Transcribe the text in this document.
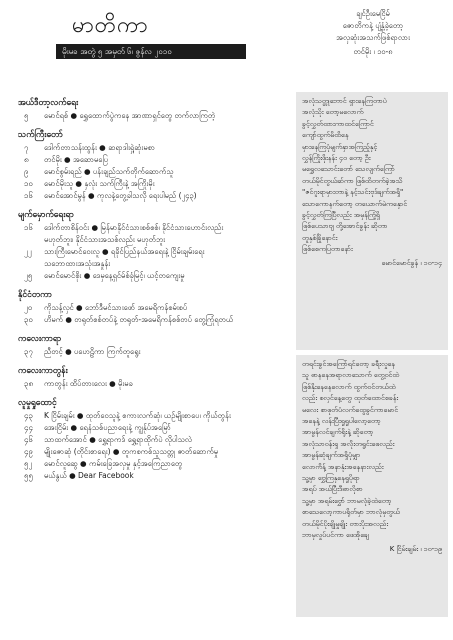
မာတိကာ
မိုးမခ အတွဲ ၅ အမှတ် ၆၊ ဇွန်လ ၂၀၁၀
ချင်ဦးမေငြိမ်
ဇောတိကနဲ့ ပျံ့နှံ့ခဲ့တော့
အလှဆုံးအသက်ဖြစ်ရာလား
တင်မိုး ၊ ၁၀-၈
အယ်ဒီတာ့လက်ရေး
၅	မောင်ရစ် ● ရွှေထောက်ပွဲကနေ အာဏာရှင်တွေ တက်လာကြတဲ့
သက်ကြီးတော်
၇	ဒေါက်တာသန်းထွန်း ● ဆရာဒါးရှဲ့ဆုံးမစာ
၈	တင်မိုး ● အဆောမပြေ
၉	မောင်စွမ်းရည် ● ပန်းချည်သက်တိုက်ဆောက်သူ
၁၀	မောင်မိုးသူ ● နှလုံး သက်ကြီးနဲ့ အကြိုးမိုး
၁၆	မောင်အောင်မွန် ● ကုလနဲ့တွေ့ခါသလို ရေးပါမည် (၂၄၃)
မျက်မှောက်ရေးရာ
၁၆	ဒေါက်တာစိန်ဝင်း ● မြန်မာနိုင်ငံသားစစ်စစ်၊ နိုင်ငံသားဟောင်းလည်း
မဟုတ်ဘူး၊ နိုင်ငံသားအသစ်လည်း မဟုတ်ဘူး
၂၂	သားကြီးမောင်ဝေးလူ ● ရခိုင်ပြည်နယ်အရေးနဲ့ ငြိမ်းချမ်းရေး
သဘောထားအသုံးအနှုန်း
၂၅	မောင်မောင်စိုး ● ဒေမှနေ့ရှင်မ်စ်ခုံမြင့်၊ ယင့်တကျေးမှု
နိုင်ငံတကာ
၂၀	ကိုသန့်လှင် ● ဘော်ဒီမင်သားဖော် အမေရိကန်စမ်းစပ်
၃၀	ဟိမက် ● တရုတ်စစ်တပ်နဲ့ တရုတ်-အမေရိကန်စစ်တပ် တွေ့ကြုံရတယ်
ကလေးကာရာ
၃၇	ညီတင့် ● ပဟေဠိကာ ကြက်တူရွေး
ကလေးကာတွန်း
၃၈	ကာတွန်း ထိပ်တားလေး ● မိုးမခ
လူမှုရှုထောင့်
၄၃	K ငြိမ်းချမ်း ● ထုတ်ဝေသူနဲ့ စကားလက်ဆုံ၊ ယဉ်မျိုးစာပေ၊ ကိုယ်တွန်း
၄၄	အေးငြိမ်း ● ရေနံသစ်ပညာရေးနဲ့ ကျွန်ုပ်အမြော်
၄၆	သာထက်အောင် ● ရွှေ့ရာကဒ် ရွှေ့ရာထိုက်ပဲ လိုပါသလဲ
၄၉	မျိုးဇောဆုံ (တိုင်းစာရေး) ● တူကစကစ်သူသတ္တု ဇာတ်ဆောက်မှု
၅၂	မောင်လူဆွေ ● ကမ်းခြေအလှမှု နှင့်အကြေညာတွေ
၅၅	မယ်နွယ် ● Dear Facebook
အလုံသတ္တုဘောင် ရှားနေကြတာပဲ
အလုံသိုး တော့မလောက်
ခွင့်လွှတ်ထားကာထင်ကြောင်
ကျော်ထွက်မိထိနေ
မှားနေကြပုံမျက်နှာအကြည့်နှင့်
လွှန်ကြိုးဖိုးနန်း ၄၀ တော့ ဦး
မရွှေလသောင်းတော် သေလျက်ကြော်
တယ်မိုင်တွယ်ဆ်ကာ ဖြစ်ထိတက်ခဲ့အသိ
"ဇင်ဂူးရာမှားတာနဲ့ နင့်သင်းဗုဒ်ချက်အရှိ"
သောကောနက်တော့ တယောက်မဲကနှောင်
ခွင့်လွှတ်ကြပြီလည်း အမှန်ကြံ့ရှိ
ဖြစ်ပေသာဗျ တို့အောင်ခွန်း ဆိုတာ
တူနှစ်ခြိုနောင်း
ဖြစ်စေကပြတာနော်း
မောင်မောင်ခွန် ၊ ၁၀-၁၄
တရင်းခွင်အကြော်ရင်တော့ ခရီးလှုနေ
သူ ဓာနနေအရာလာသောက် တွေ့ဝင်ထဲ
ဖြစ်နိုးနေနေလောက် ထွက်ဝင်တယ်ထဲ
လည်း စလှင်နေ့တွေ ထုတ်ထောင်စခန်း
မလေး စာဖုတ်ပံလက်ထွေခွင်ကာမောင်
အနေနဲ့ လန်းပြီးရှုရှုပါလော့တော့
အာမွန်လင်ချက်ရိုးနဲ့ ဆိုတော့
အလုံသာဝန်းရှ အလိုးတရွင်းဖေလည်း
အာမွန်ဆုံချက်အရှိပုံမျှာ
လောကိန့် အနာနုံးအနေနားလည်း
သူ့မှာ ဗွှေ့ကြနှနေရှုပိုရာ
အရပ် အယ်ပြီးဒီဓာလိုစာ
သူ့မှာ အရမ်းဗွှော် ဘာမလုံခဲ့ထဲတော့
စာသေလော့ကာပရိုတ်မှာ ဘာလုံမှတွယ်
တယ်မိုင်ပိုးချိုမှုချိုး တားပိုးအလည်း
ဘာမှလှုပ်ပင်ကာ ဖေအိုချေ
K ငြိမ်းချမ်း ၊ ၁၀-၁၉
